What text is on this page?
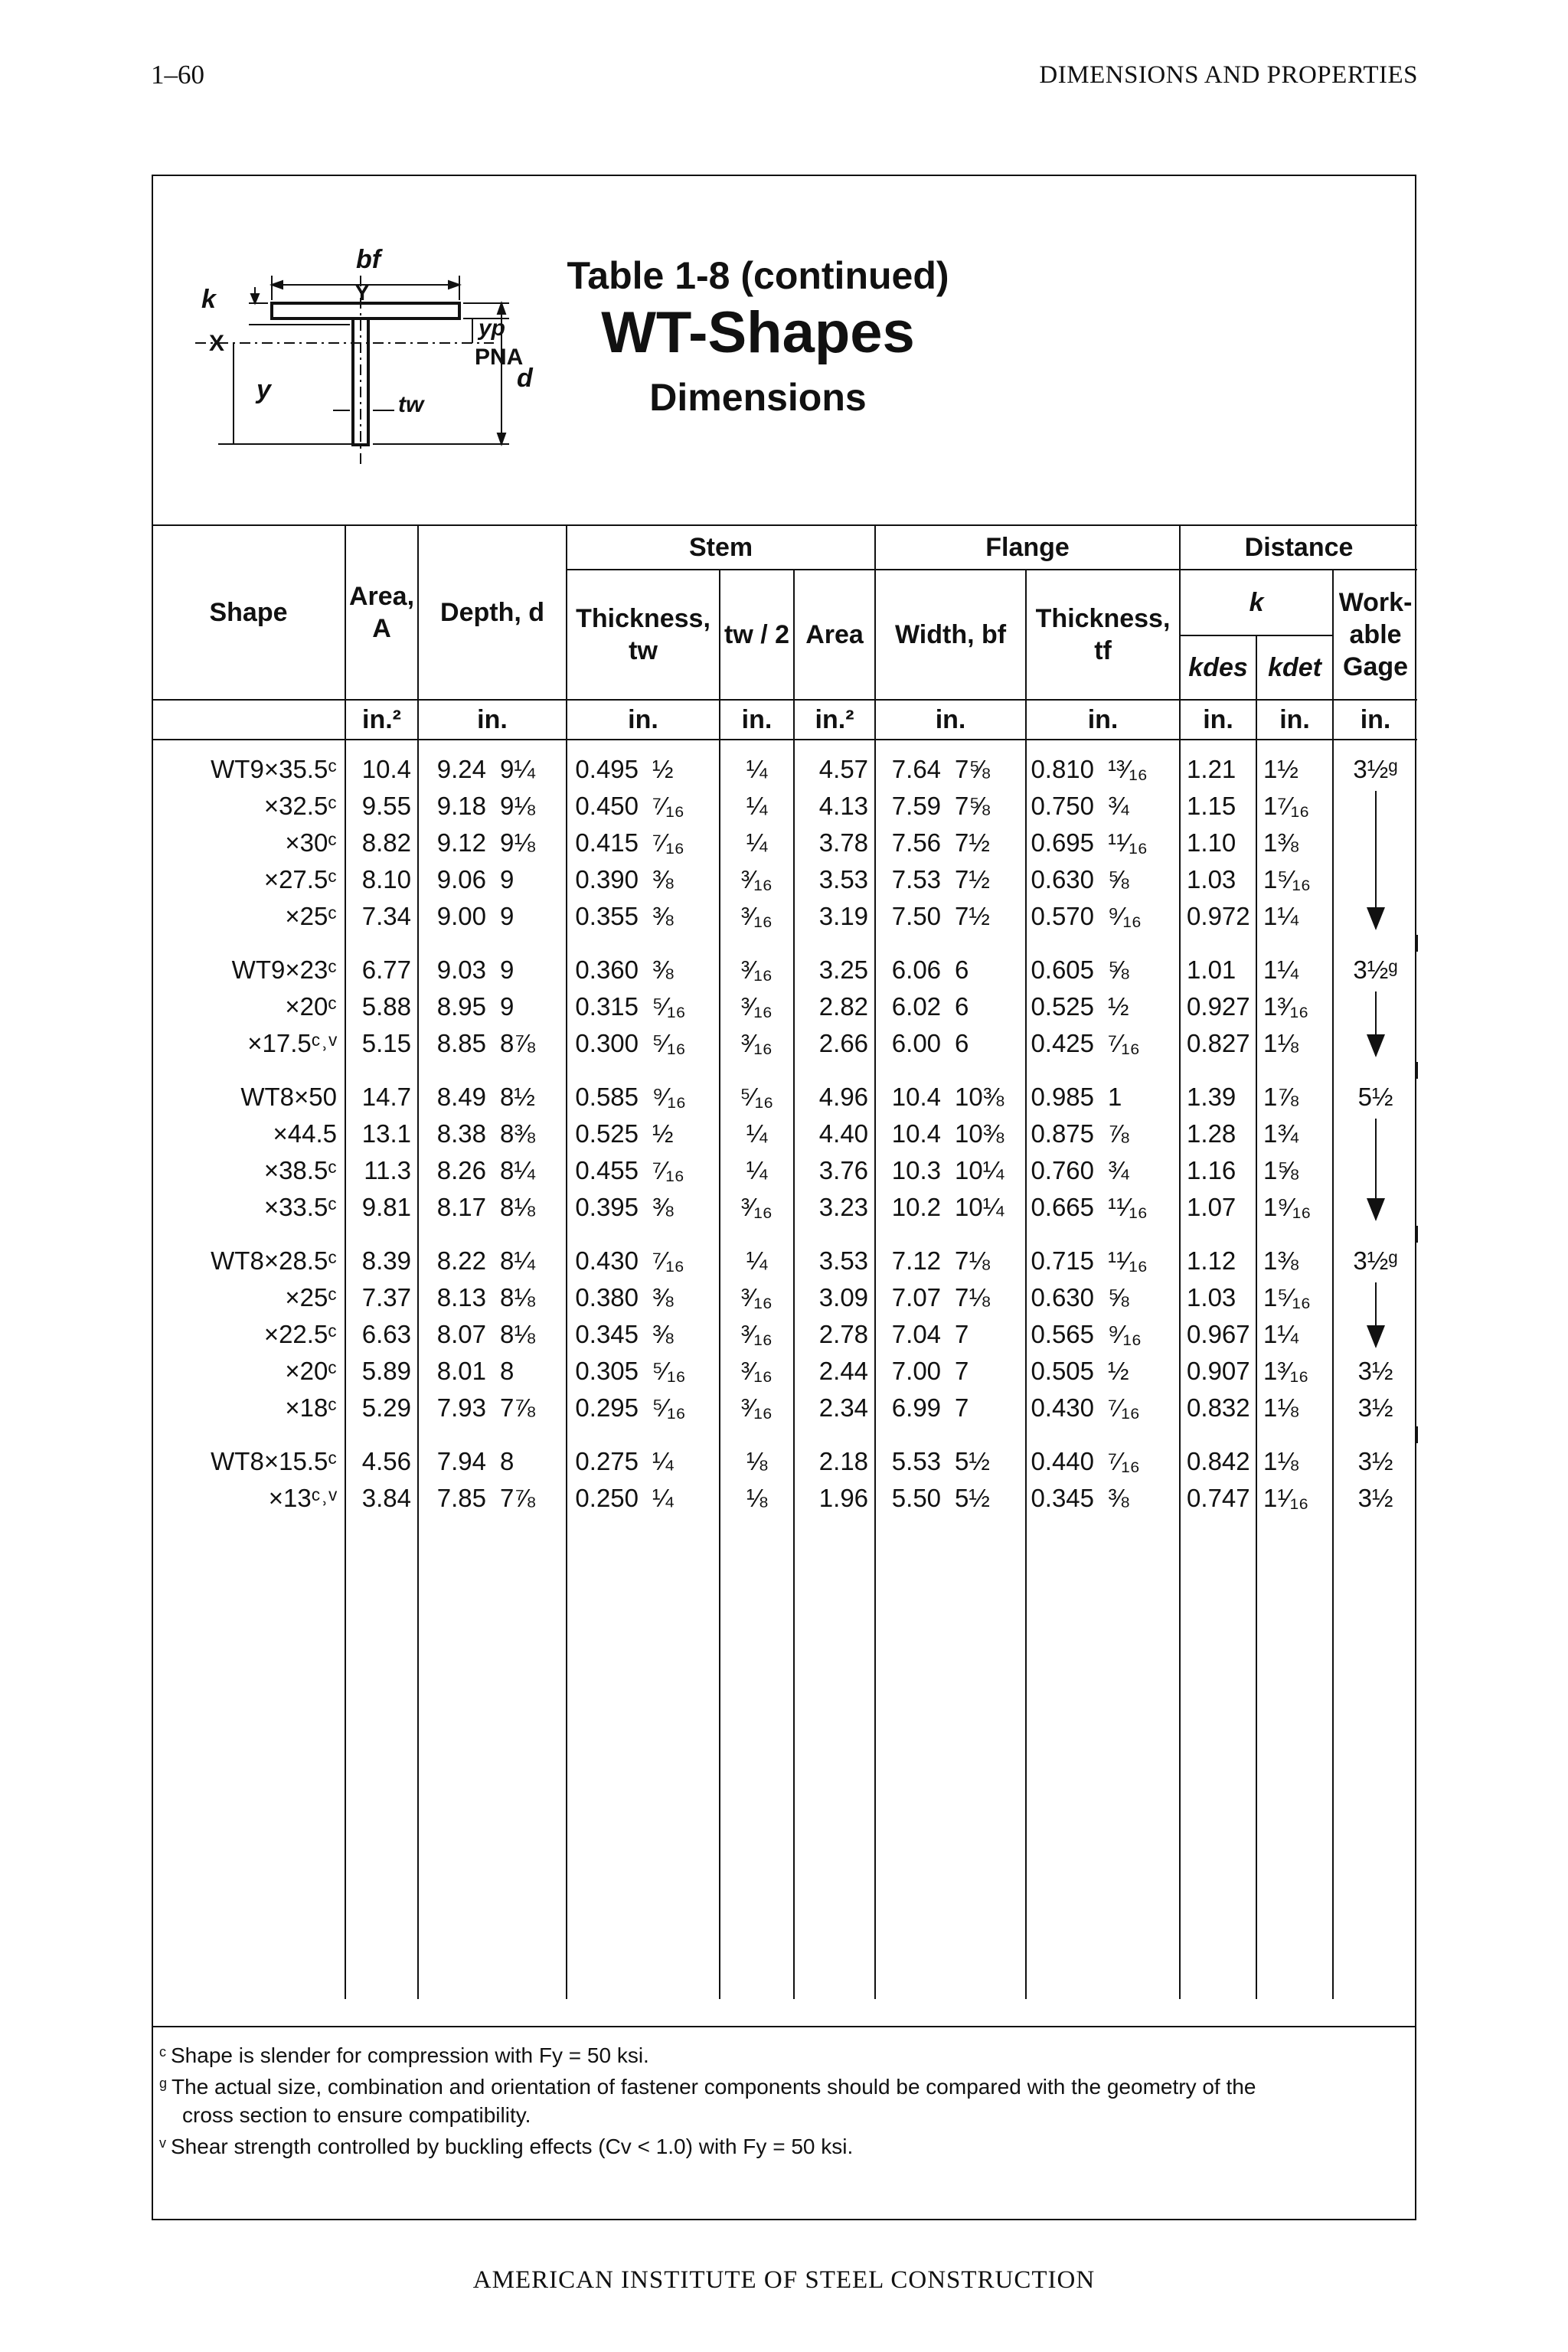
1–60	DIMENSIONS AND PROPERTIES
bf
k
yp
d
y
tw
Y
X
PNA
Table 1-8 (continued)
WT-Shapes
Dimensions
Shape	Area, A	Depth, d		Stem				Flange				Distance		
				Thickness, tw		tw / 2	Area	Width, bf		Thickness, tf		k		Work-able Gage
												kdes	kdet	
	in.²	in.		in.		in.	in.²	in.		in.		in.	in.	in.
WT9×35.5ᶜ	10.4	9.24	9¼	0.495	½	¼	4.57	7.64	7⅝	0.810	¹³⁄₁₆	1.21	1½	3½ᵍ

×32.5ᶜ	9.55	9.18	9⅛	0.450	⁷⁄₁₆	¼	4.13	7.59	7⅝	0.750	¾	1.15	1⁷⁄₁₆	
×30ᶜ	8.82	9.12	9⅛	0.415	⁷⁄₁₆	¼	3.78	7.56	7½	0.695	¹¹⁄₁₆	1.10	1⅜	
×27.5ᶜ	8.10	9.06	9	0.390	⅜	³⁄₁₆	3.53	7.53	7½	0.630	⅝	1.03	1⁵⁄₁₆	
×25ᶜ	7.34	9.00	9	0.355	⅜	³⁄₁₆	3.19	7.50	7½	0.570	⁹⁄₁₆	0.972	1¼	

WT9×23ᶜ	6.77	9.03	9	0.360	⅜	³⁄₁₆	3.25	6.06	6	0.605	⅝	1.01	1¼	3½ᵍ

×20ᶜ	5.88	8.95	9	0.315	⁵⁄₁₆	³⁄₁₆	2.82	6.02	6	0.525	½	0.927	1³⁄₁₆	
×17.5ᶜ˒ᵛ	5.15	8.85	8⅞	0.300	⁵⁄₁₆	³⁄₁₆	2.66	6.00	6	0.425	⁷⁄₁₆	0.827	1⅛	

WT8×50	14.7	8.49	8½	0.585	⁹⁄₁₆	⁵⁄₁₆	4.96	10.4	10⅜	0.985	1	1.39	1⅞	5½

×44.5	13.1	8.38	8⅜	0.525	½	¼	4.40	10.4	10⅜	0.875	⅞	1.28	1¾	
×38.5ᶜ	11.3	8.26	8¼	0.455	⁷⁄₁₆	¼	3.76	10.3	10¼	0.760	¾	1.16	1⅝	
×33.5ᶜ	9.81	8.17	8⅛	0.395	⅜	³⁄₁₆	3.23	10.2	10¼	0.665	¹¹⁄₁₆	1.07	1⁹⁄₁₆	

WT8×28.5ᶜ	8.39	8.22	8¼	0.430	⁷⁄₁₆	¼	3.53	7.12	7⅛	0.715	¹¹⁄₁₆	1.12	1⅜	3½ᵍ

×25ᶜ	7.37	8.13	8⅛	0.380	⅜	³⁄₁₆	3.09	7.07	7⅛	0.630	⅝	1.03	1⁵⁄₁₆	
×22.5ᶜ	6.63	8.07	8⅛	0.345	⅜	³⁄₁₆	2.78	7.04	7	0.565	⁹⁄₁₆	0.967	1¼	
×20ᶜ	5.89	8.01	8	0.305	⁵⁄₁₆	³⁄₁₆	2.44	7.00	7	0.505	½	0.907	1³⁄₁₆	3½
×18ᶜ	5.29	7.93	7⅞	0.295	⁵⁄₁₆	³⁄₁₆	2.34	6.99	7	0.430	⁷⁄₁₆	0.832	1⅛	3½

WT8×15.5ᶜ	4.56	7.94	8	0.275	¼	⅛	2.18	5.53	5½	0.440	⁷⁄₁₆	0.842	1⅛	3½
×13ᶜ˒ᵛ	3.84	7.85	7⅞	0.250	¼	⅛	1.96	5.50	5½	0.345	⅜	0.747	1¹⁄₁₆	3½

$^c$ Shape is slender for compression with Fy = 50 ksi.

$^g$ The actual size, combination and orientation of fastener components should be compared with the geometry of the
cross section to ensure compatibility.

$^v$ Shear strength controlled by buckling effects (Cv < 1.0) with Fy = 50 ksi.

AMERICAN INSTITUTE OF STEEL CONSTRUCTION
